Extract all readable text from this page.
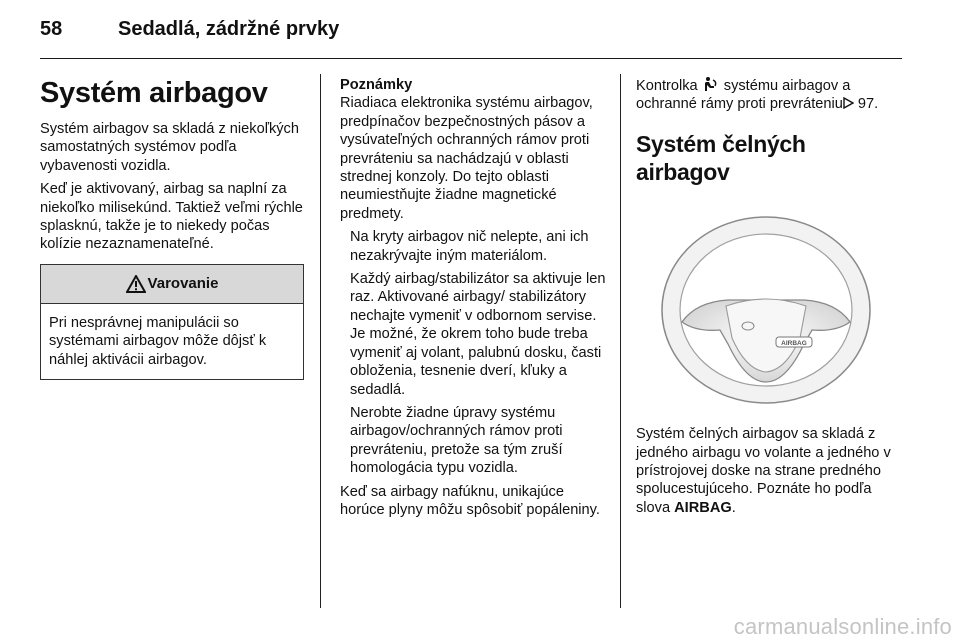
58	Sedadlá, zádržné prvky
Systém airbagov

Systém airbagov sa skladá z niekoľkých samostatných systémov podľa vybavenosti vozidla.

Keď je aktivovaný, airbag sa naplní za niekoľko milisekúnd. Taktiež veľmi rýchle splasknú, takže je to niekedy počas kolízie nezaznamenateľné.

Varovanie

Pri nesprávnej manipulácii so systémami airbagov môže dôjsť k náhlej aktivácii airbagov.

Poznámky

Riadiaca elektronika systému airbagov, predpínačov bezpečnostných pásov a vysúvateľných ochranných rámov proti prevráteniu sa nachádzajú v oblasti strednej konzoly. Do tejto oblasti neumiestňujte žiadne magnetické predmety.

Na kryty airbagov nič nelepte, ani ich nezakrývajte iným materiálom.

Každý airbag/stabilizátor sa aktivuje len raz. Aktivované airbagy/ stabilizátory nechajte vymeniť v odbornom servise. Je možné, že okrem toho bude treba vymeniť aj volant, palubnú dosku, časti obloženia, tesnenie dverí, kľuky a sedadlá.

Nerobte žiadne úpravy systému airbagov/ochranných rámov proti prevráteniu, pretože sa tým zruší homologácia typu vozidla.

Keď sa airbagy nafúknu, unikajúce horúce plyny môžu spôsobiť popáleniny.

Kontrolka systému airbagov a ochranné rámy proti prevráteniu 97.

Systém čelných airbagov
AIRBAG

Systém čelných airbagov sa skladá z jedného airbagu vo volante a jedného v prístrojovej doske na strane predného spolucestujúceho. Poznáte ho podľa slova AIRBAG.

carmanualsonline.info
